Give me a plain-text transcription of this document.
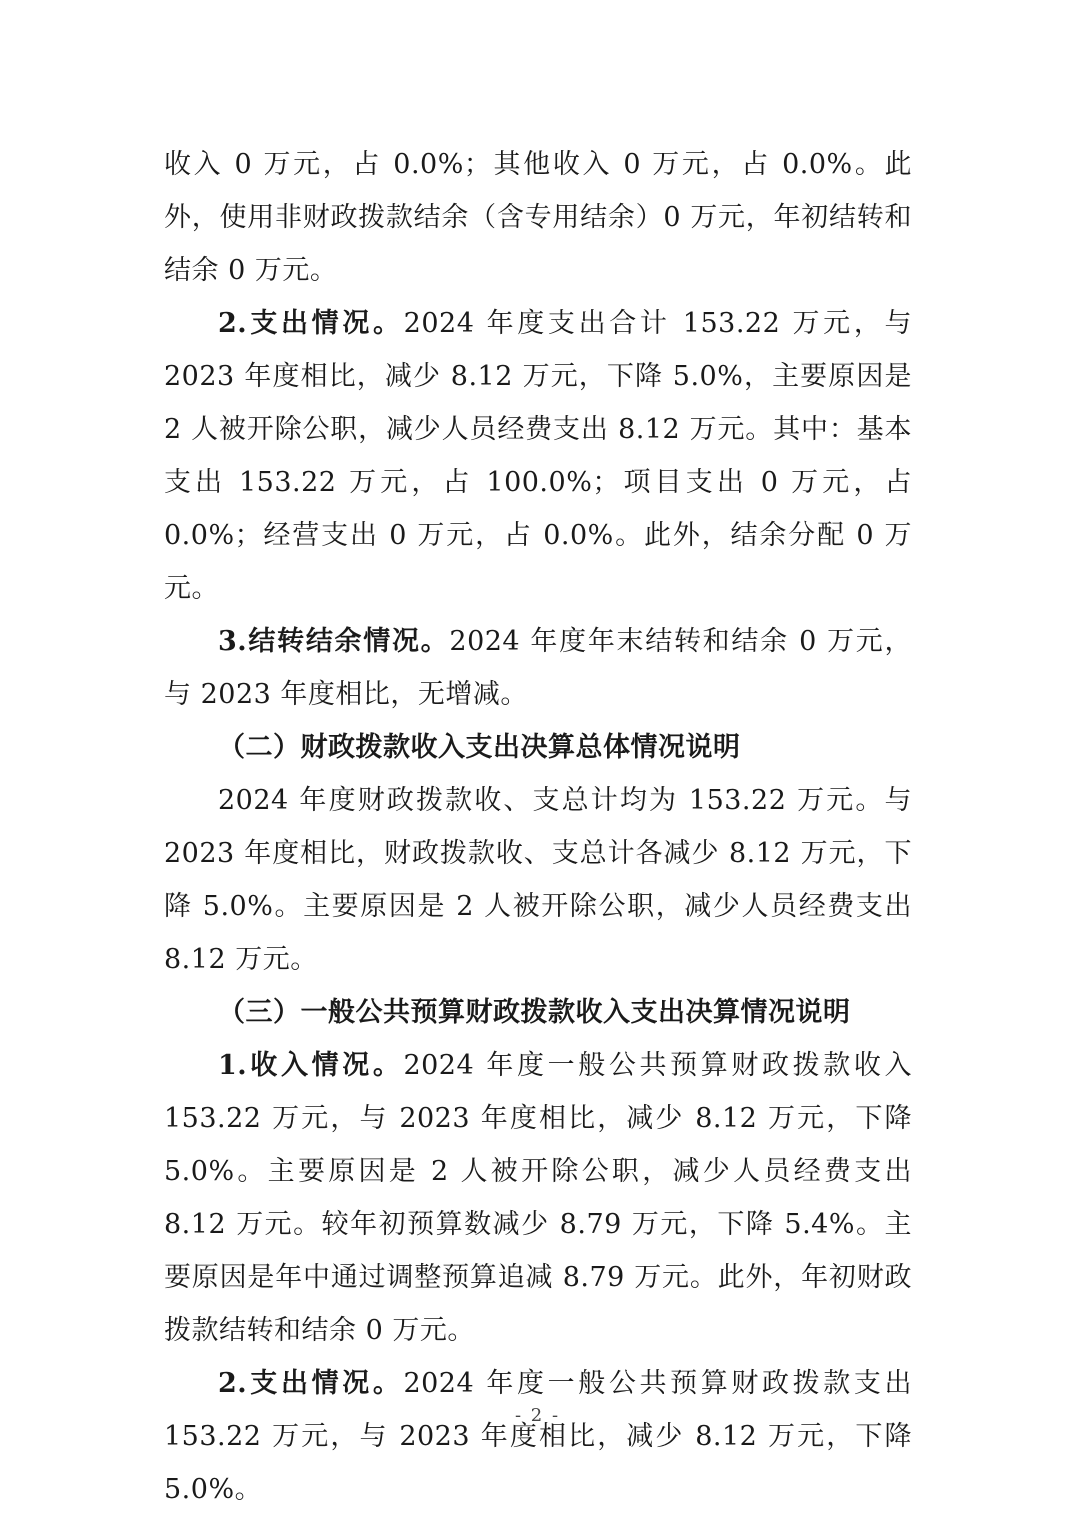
收入 0 万元，占 0.0%；其他收入 0 万元，占 0.0%。此外，使用非财政拨款结余（含专用结余）0 万元，年初结转和结余 0 万元。

2.支出情况。2024 年度支出合计 153.22 万元，与 2023 年度相比，减少 8.12 万元，下降 5.0%，主要原因是 2 人被开除公职，减少人员经费支出 8.12 万元。其中：基本支出 153.22 万元，占 100.0%；项目支出 0 万元，占 0.0%；经营支出 0 万元，占 0.0%。此外，结余分配 0 万元。

3.结转结余情况。2024 年度年末结转和结余 0 万元，与 2023 年度相比，无增减。

（二）财政拨款收入支出决算总体情况说明

2024 年度财政拨款收、支总计均为 153.22 万元。与 2023 年度相比，财政拨款收、支总计各减少 8.12 万元，下降 5.0%。主要原因是 2 人被开除公职，减少人员经费支出 8.12 万元。

（三）一般公共预算财政拨款收入支出决算情况说明

1.收入情况。2024 年度一般公共预算财政拨款收入 153.22 万元，与 2023 年度相比，减少 8.12 万元，下降 5.0%。主要原因是 2 人被开除公职，减少人员经费支出 8.12 万元。较年初预算数减少 8.79 万元，下降 5.4%。主要原因是年中通过调整预算追减 8.79 万元。此外，年初财政拨款结转和结余 0 万元。

2.支出情况。2024 年度一般公共预算财政拨款支出 153.22 万元，与 2023 年度相比，减少 8.12 万元，下降 5.0%。

- 2 -
